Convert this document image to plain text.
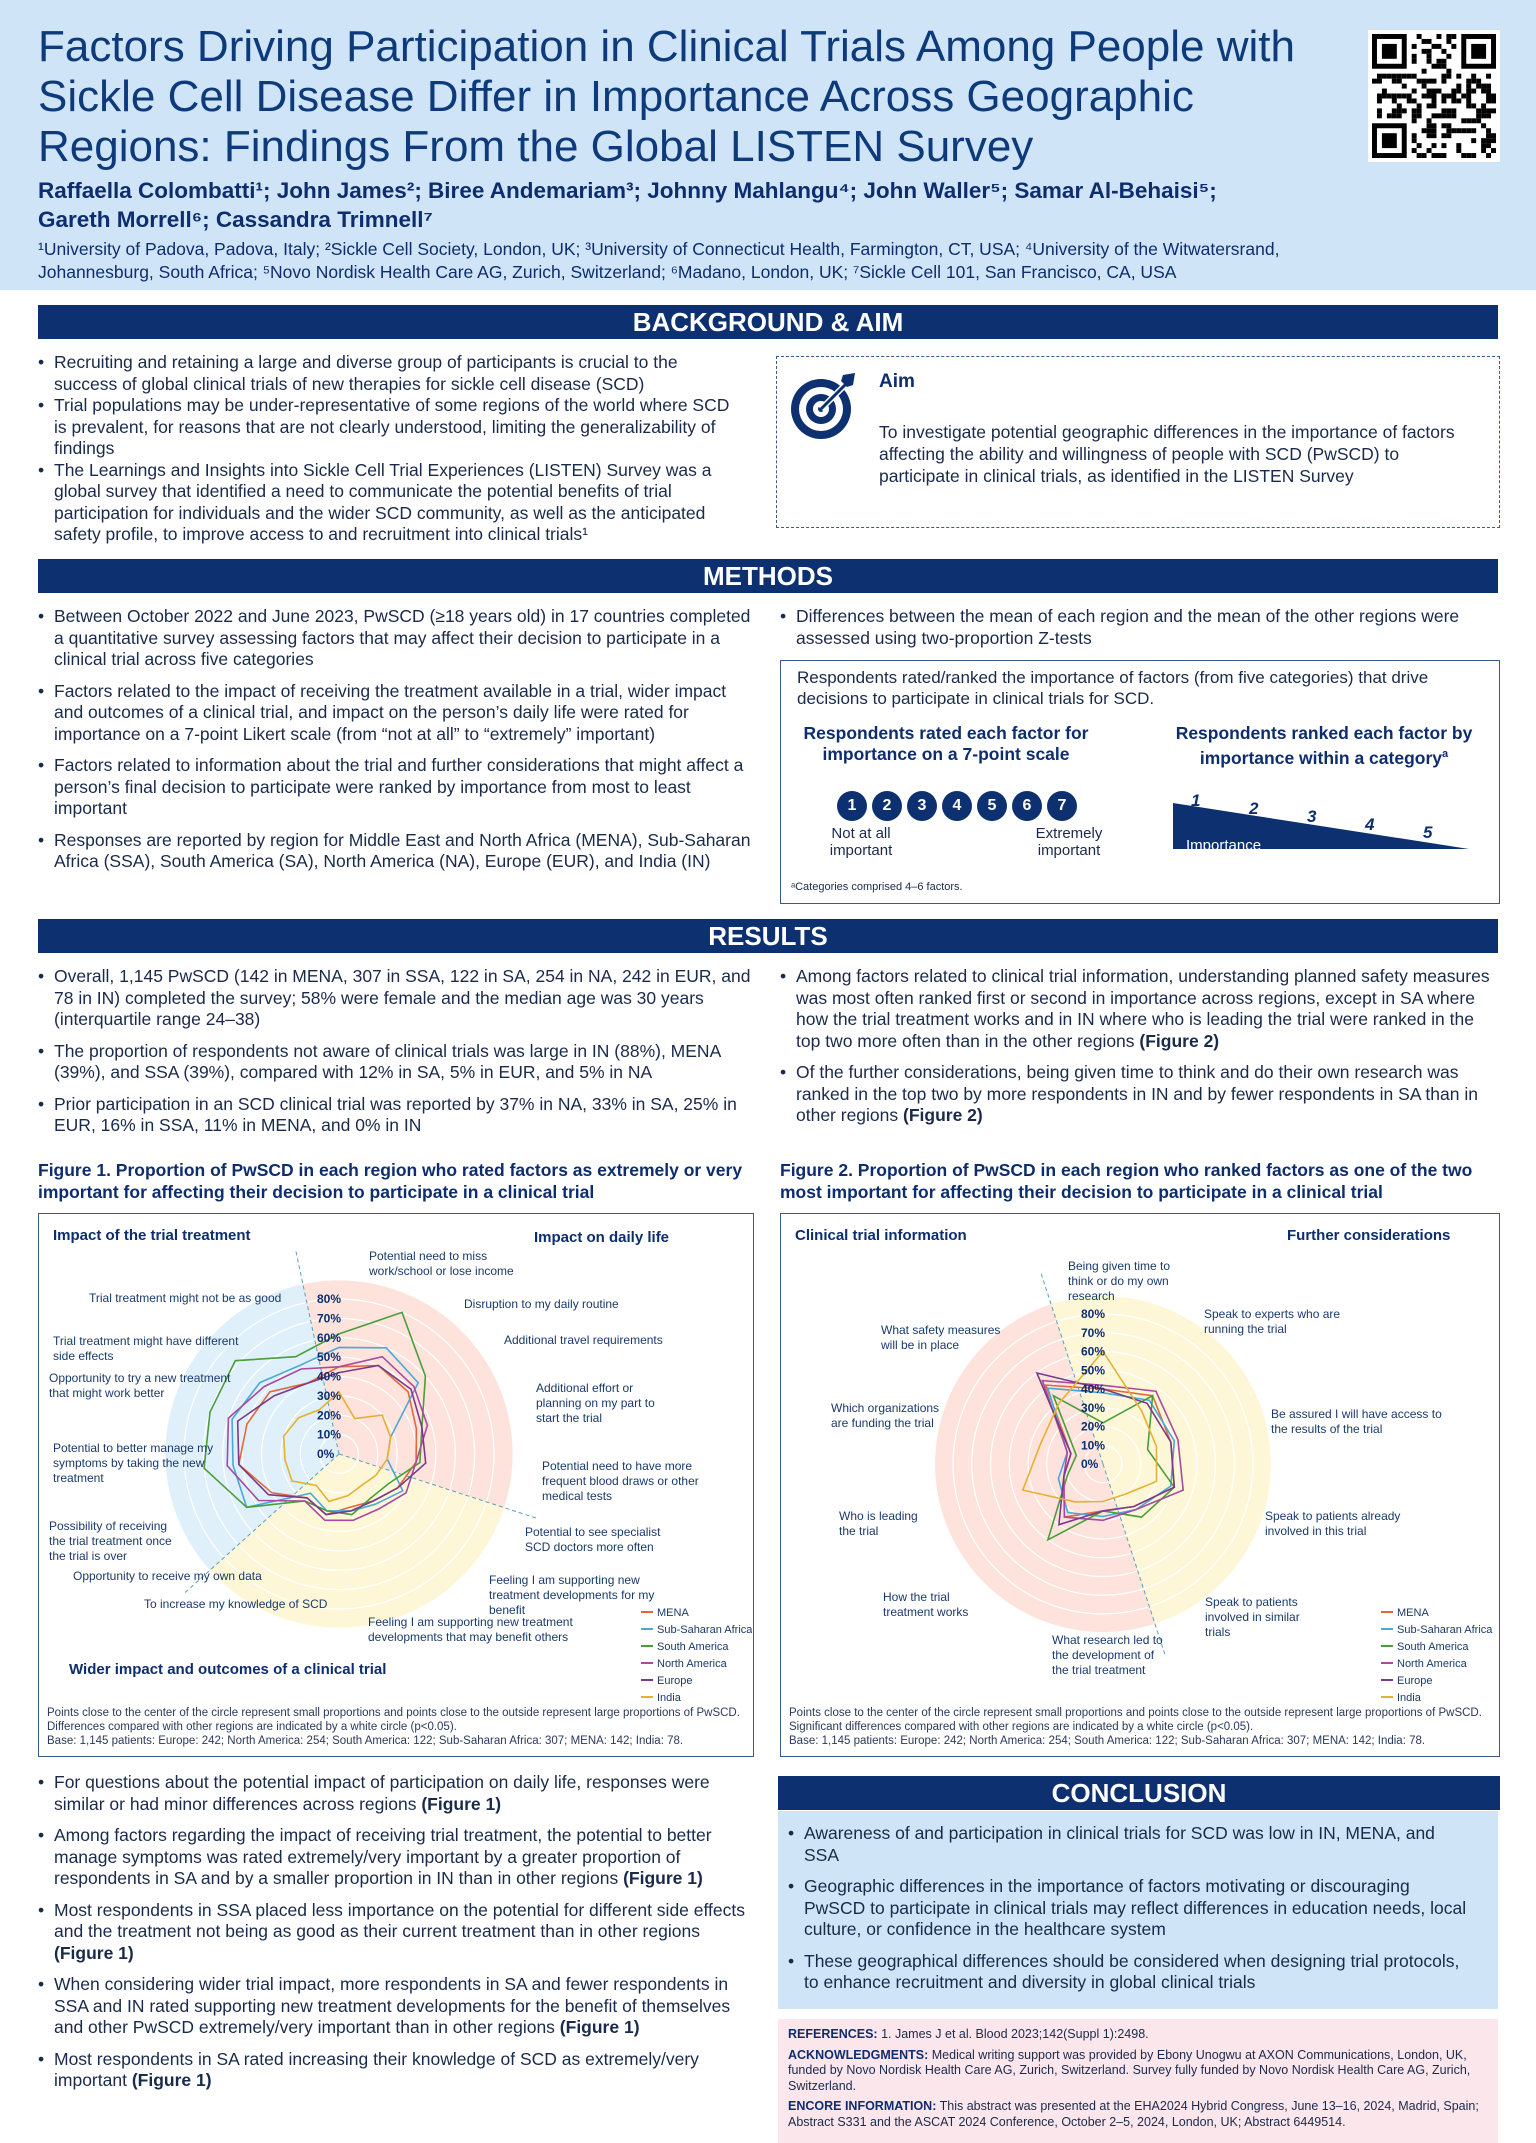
Factors Driving Participation in Clinical Trials Among People with Sickle Cell Disease Differ in Importance Across Geographic Regions: Findings From the Global LISTEN Survey
Raffaella Colombatti¹; John James²; Biree Andemariam³; Johnny Mahlangu⁴; John Waller⁵; Samar Al-Behaisi⁵;
Gareth Morrell⁶; Cassandra Trimnell⁷
¹University of Padova, Padova, Italy; ²Sickle Cell Society, London, UK; ³University of Connecticut Health, Farmington, CT, USA; ⁴University of the Witwatersrand,
Johannesburg, South Africa; ⁵Novo Nordisk Health Care AG, Zurich, Switzerland; ⁶Madano, London, UK; ⁷Sickle Cell 101, San Francisco, CA, USA
BACKGROUND & AIM
• Recruiting and retaining a large and diverse group of participants is crucial to the success of global clinical trials of new therapies for sickle cell disease (SCD)
• Trial populations may be under-representative of some regions of the world where SCD is prevalent, for reasons that are not clearly understood, limiting the generalizability of findings
• The Learnings and Insights into Sickle Cell Trial Experiences (LISTEN) Survey was a global survey that identified a need to communicate the potential benefits of trial participation for individuals and the wider SCD community, as well as the anticipated safety profile, to improve access to and recruitment into clinical trials¹
Aim
To investigate potential geographic differences in the importance of factors affecting the ability and willingness of people with SCD (PwSCD) to participate in clinical trials, as identified in the LISTEN Survey
METHODS
• Between October 2022 and June 2023, PwSCD (≥18 years old) in 17 countries completed a quantitative survey assessing factors that may affect their decision to participate in a clinical trial across five categories
• Factors related to the impact of receiving the treatment available in a trial, wider impact and outcomes of a clinical trial, and impact on the person’s daily life were rated for importance on a 7-point Likert scale (from “not at all” to “extremely” important)
• Factors related to information about the trial and further considerations that might affect a person’s final decision to participate were ranked by importance from most to least important
• Responses are reported by region for Middle East and North Africa (MENA), Sub-Saharan Africa (SSA), South America (SA), North America (NA), Europe (EUR), and India (IN)
• Differences between the mean of each region and the mean of the other regions were assessed using two-proportion Z-tests
Respondents rated/ranked the importance of factors (from five categories) that drive decisions to participate in clinical trials for SCD.
Respondents rated each factor for importance on a 7-point scale
Respondents ranked each factor by importance within a category$^a$
1	2	3	4	5	6	7
Not at all important
Extremely important
1	2	3	4	5
Importance
ᵃCategories comprised 4–6 factors.
RESULTS
• Overall, 1,145 PwSCD (142 in MENA, 307 in SSA, 122 in SA, 254 in NA, 242 in EUR, and 78 in IN) completed the survey; 58% were female and the median age was 30 years (interquartile range 24–38)
• The proportion of respondents not aware of clinical trials was large in IN (88%), MENA (39%), and SSA (39%), compared with 12% in SA, 5% in EUR, and 5% in NA
• Prior participation in an SCD clinical trial was reported by 37% in NA, 33% in SA, 25% in EUR, 16% in SSA, 11% in MENA, and 0% in IN
• Among factors related to clinical trial information, understanding planned safety measures was most often ranked first or second in importance across regions, except in SA where how the trial treatment works and in IN where who is leading the trial were ranked in the top two more often than in the other regions (Figure 2)
• Of the further considerations, being given time to think and do their own research was ranked in the top two by more respondents in IN and by fewer respondents in SA than in other regions (Figure 2)
Figure 1. Proportion of PwSCD in each region who rated factors as extremely or very important for affecting their decision to participate in a clinical trial
Figure 2. Proportion of PwSCD in each region who ranked factors as one of the two most important for affecting their decision to participate in a clinical trial
0%
10%
20%
30%
40%
50%
60%
70%
80%
Possibility of receiving the trial treatment once the trial is over
Potential to better manage my symptoms by taking the new treatment
Opportunity to try a new treatment that might work better
Trial treatment might have different side effects
Trial treatment might not be as good
Potential need to miss work/school or lose income
Disruption to my daily routine
Additional travel requirements
Additional effort or planning on my part to start the trial
Potential need to have more frequent blood draws or other medical tests
Potential to see specialist SCD doctors more often
Feeling I am supporting new treatment developments for my benefit
Feeling I am supporting new treatment developments that may benefit others
To increase my knowledge of SCD
Opportunity to receive my own data
Impact of the trial treatment	Impact on daily life
Wider impact and outcomes of a clinical trial
MENA
Sub-Saharan Africa
South America
North America
Europe
India
Points close to the center of the circle represent small proportions and points close to the outside represent large proportions of PwSCD. Differences compared with other regions are indicated by a white circle (p<0.05).
Base: 1,145 patients: Europe: 242; North America: 254; South America: 122; Sub-Saharan Africa: 307; MENA: 142; India: 78.
0%
10%
20%
30%
40%
50%
60%
70%
80%
Being given time to think or do my own research
Speak to experts who are running the trial
Be assured I will have access to the results of the trial
Speak to patients already involved in this trial
Speak to patients involved in similar trials
What research led to the development of the trial treatment
How the trial treatment works
Who is leading the trial
Which organizations are funding the trial
What safety measures will be in place
Clinical trial information	Further considerations
MENA
Sub-Saharan Africa
South America
North America
Europe
India
Points close to the center of the circle represent small proportions and points close to the outside represent large proportions of PwSCD. Significant differences compared with other regions are indicated by a white circle (p<0.05).
Base: 1,145 patients: Europe: 242; North America: 254; South America: 122; Sub-Saharan Africa: 307; MENA: 142; India: 78.
• For questions about the potential impact of participation on daily life, responses were similar or had minor differences across regions (Figure 1)
• Among factors regarding the impact of receiving trial treatment, the potential to better manage symptoms was rated extremely/very important by a greater proportion of respondents in SA and by a smaller proportion in IN than in other regions (Figure 1)
• Most respondents in SSA placed less importance on the potential for different side effects and the treatment not being as good as their current treatment than in other regions (Figure 1)
• When considering wider trial impact, more respondents in SA and fewer respondents in SSA and IN rated supporting new treatment developments for the benefit of themselves and other PwSCD extremely/very important than in other regions (Figure 1)
• Most respondents in SA rated increasing their knowledge of SCD as extremely/very important (Figure 1)
CONCLUSION
• Awareness of and participation in clinical trials for SCD was low in IN, MENA, and SSA
• Geographic differences in the importance of factors motivating or discouraging PwSCD to participate in clinical trials may reflect differences in education needs, local culture, or confidence in the healthcare system
• These geographical differences should be considered when designing trial protocols, to enhance recruitment and diversity in global clinical trials

REFERENCES: 1. James J et al. Blood 2023;142(Suppl 1):2498.

ACKNOWLEDGMENTS: Medical writing support was provided by Ebony Unogwu at AXON Communications, London, UK, funded by Novo Nordisk Health Care AG, Zurich, Switzerland. Survey fully funded by Novo Nordisk Health Care AG, Zurich, Switzerland.

ENCORE INFORMATION: This abstract was presented at the EHA2024 Hybrid Congress, June 13–16, 2024, Madrid, Spain; Abstract S331 and the ASCAT 2024 Conference, October 2–5, 2024, London, UK; Abstract 6449514.
